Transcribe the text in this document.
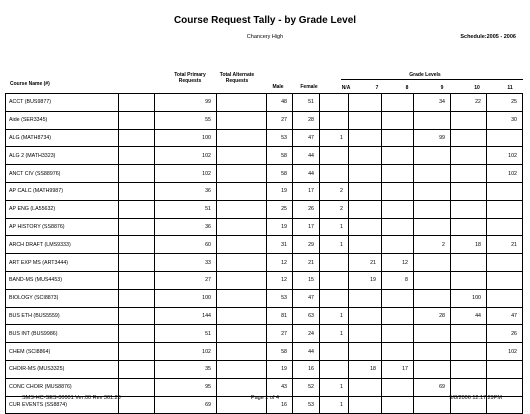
Course Request Tally - by Grade Level
Chancery High	Schedule:2005 - 2006
Course Name (#)
Total Primary
Requests
Total Alternate
Requests
Male	Female
Grade Levels
N/A	7	8	9	10	11
ACCT (BUS9877)		99		48	51				34	22	25
Aide (SER3345)		55		27	28						30
ALG (MATH8734)		100		53	47	1			99		
ALG 2 (MATH3323)		102		58	44						102
ANCT CIV (SS88976)		102		58	44						102
AP CALC (MATH9987)		36		19	17	2					
AP ENG (LA55632)		51		25	26	2					
AP HISTORY (SS8876)		36		19	17	1					
ARCH DRAFT (LMS9333)		60		31	29	1			2	18	21
ART EXP MS (ART3444)		33		12	21		21	12			
BAND-MS (MUS4453)		27		12	15		19	8			
BIOLOGY (SCI8873)		100		53	47					100	
BUS ETH (BUS5559)		144		81	63	1			28	44	47
BUS INT (BUS9986)		51		27	24	1					26
CHEM (SCI8864)		102		58	44						102
CHOIR-MS (MUS3325)		35		19	16		18	17			
CONC CHOIR (MUS8876)		95		43	52	1			69		
CUR EVENTS (SS8874)		69		16	53	1					
SMS-HC-SES-00001 Ver:00 Rev 361.23	Page 1 of 4	5/8/2006 12:17:29PM
